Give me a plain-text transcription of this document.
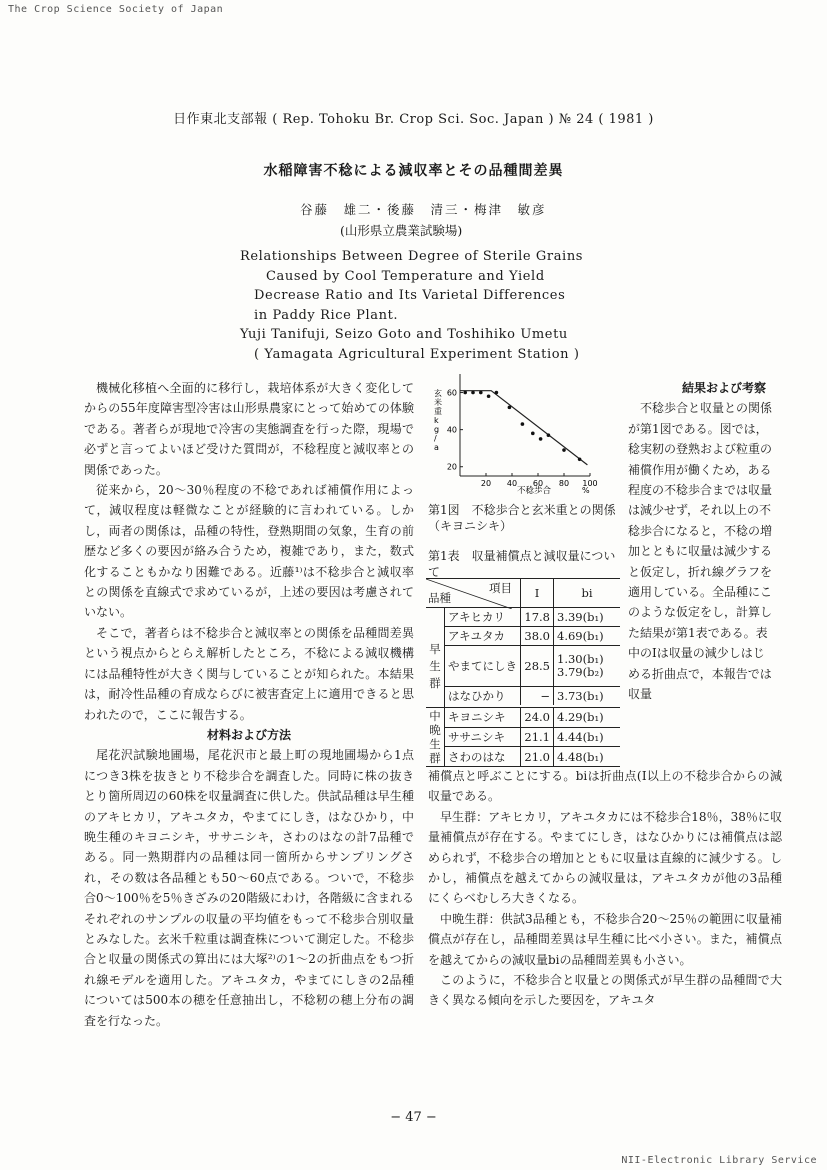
The Crop Science Society of Japan
日作東北支部報 ( Rep. Tohoku Br. Crop Sci. Soc. Japan ) № 24 ( 1981 )
水稲障害不稔による減収率とその品種間差異
谷藤　雄二・後藤　清三・梅津　敏彦
(山形県立農業試験場)
Relationships Between Degree of Sterile Grains
Caused by Cool Temperature and Yield
Decrease Ratio and Its Varietal Differences
in Paddy Rice Plant.
Yuji Tanifuji, Seizo Goto and Toshihiko Umetu
( Yamagata Agricultural Experiment Station )

機械化移植へ全面的に移行し，栽培体系が大きく変化してからの55年度障害型冷害は山形県農家にとって始めての体験である。著者らが現地で冷害の実態調査を行った際，現場で必ずと言ってよいほど受けた質問が，不稔程度と減収率との関係であった。

従来から，20～30％程度の不稔であれば補償作用によって，減収程度は軽微なことが経験的に言われている。しかし，両者の関係は，品種の特性，登熟期間の気象，生育の前歴など多くの要因が絡み合うため，複雑であり，また，数式化することもかなり困難である。近藤¹⁾は不稔歩合と減収率との関係を直線式で求めているが，上述の要因は考慮されていない。

そこで，著者らは不稔歩合と減収率との関係を品種間差異という視点からとらえ解析したところ，不稔による減収機構には品種特性が大きく関与していることが知られた。本結果は，耐冷性品種の育成ならびに被害査定上に適用できると思われたので，ここに報告する。

材料および方法

尾花沢試験地圃場，尾花沢市と最上町の現地圃場から1点につき3株を抜きとり不稔歩合を調査した。同時に株の抜きとり箇所周辺の60株を収量調査に供した。供試品種は早生種のアキヒカリ，アキユタカ，やまてにしき，はなひかり，中晩生種のキヨニシキ，ササニシキ，さわのはなの計7品種である。同一熟期群内の品種は同一箇所からサンプリングされ，その数は各品種とも50～60点である。ついで，不稔歩合0～100％を5％きざみの20階級にわけ，各階級に含まれるそれぞれのサンプルの収量の平均値をもって不稔歩合別収量とみなした。玄米千粒重は調査株について測定した。不稔歩合と収量の関係式の算出には大塚²⁾の1～2の折曲点をもつ折れ線モデルを適用した。アキユタカ，やまてにしきの2品種については500本の穂を任意抽出し，不稔籾の穂上分布の調査を行なった。

玄米重 k g / a
不稔歩合	%
20 40 60 80 100
20
40
60
第1図　不稔歩合と玄米重との関係（キヨニシキ）
第1表　収量補償点と減収量について
項目
品種		I	bi

早
生
群	アキヒカリ	17.8	3.39(b₁)
	アキユタカ	38.0	4.69(b₁)
	やまてにしき	28.5	1.30(b₁)
3.79(b₂)

	はなひかり	−	3.73(b₁)

中
晩
生
群	キヨニシキ	24.0	4.29(b₁)
	ササニシキ	21.1	4.44(b₁)
	さわのはな	21.0	4.48(b₁)

結果および考察

不稔歩合と収量との関係が第1図である。図では，稔実籾の登熟および粒重の補償作用が働くため，ある程度の不稔歩合までは収量は減少せず，それ以上の不稔歩合になると，不稔の増加とともに収量は減少すると仮定し，折れ線グラフを適用している。全品種にこのような仮定をし，計算した結果が第1表である。表中のⅠは収量の減少しはじめる折曲点で，本報告では収量

補償点と呼ぶことにする。biは折曲点(Ⅰ以上の不稔歩合からの減収量である。

早生群：アキヒカリ，アキユタカには不稔歩合18％，38％に収量補償点が存在する。やまてにしき，はなひかりには補償点は認められず，不稔歩合の増加とともに収量は直線的に減少する。しかし，補償点を越えてからの減収量は，アキユタカが他の3品種にくらべむしろ大きくなる。

中晩生群：供試3品種とも，不稔歩合20～25％の範囲に収量補償点が存在し，品種間差異は早生種に比べ小さい。また，補償点を越えてからの減収量biの品種間差異も小さい。

このように，不稔歩合と収量との関係式が早生群の品種間で大きく異なる傾向を示した要因を，アキユタ

− 47 −
NII-Electronic Library Service
